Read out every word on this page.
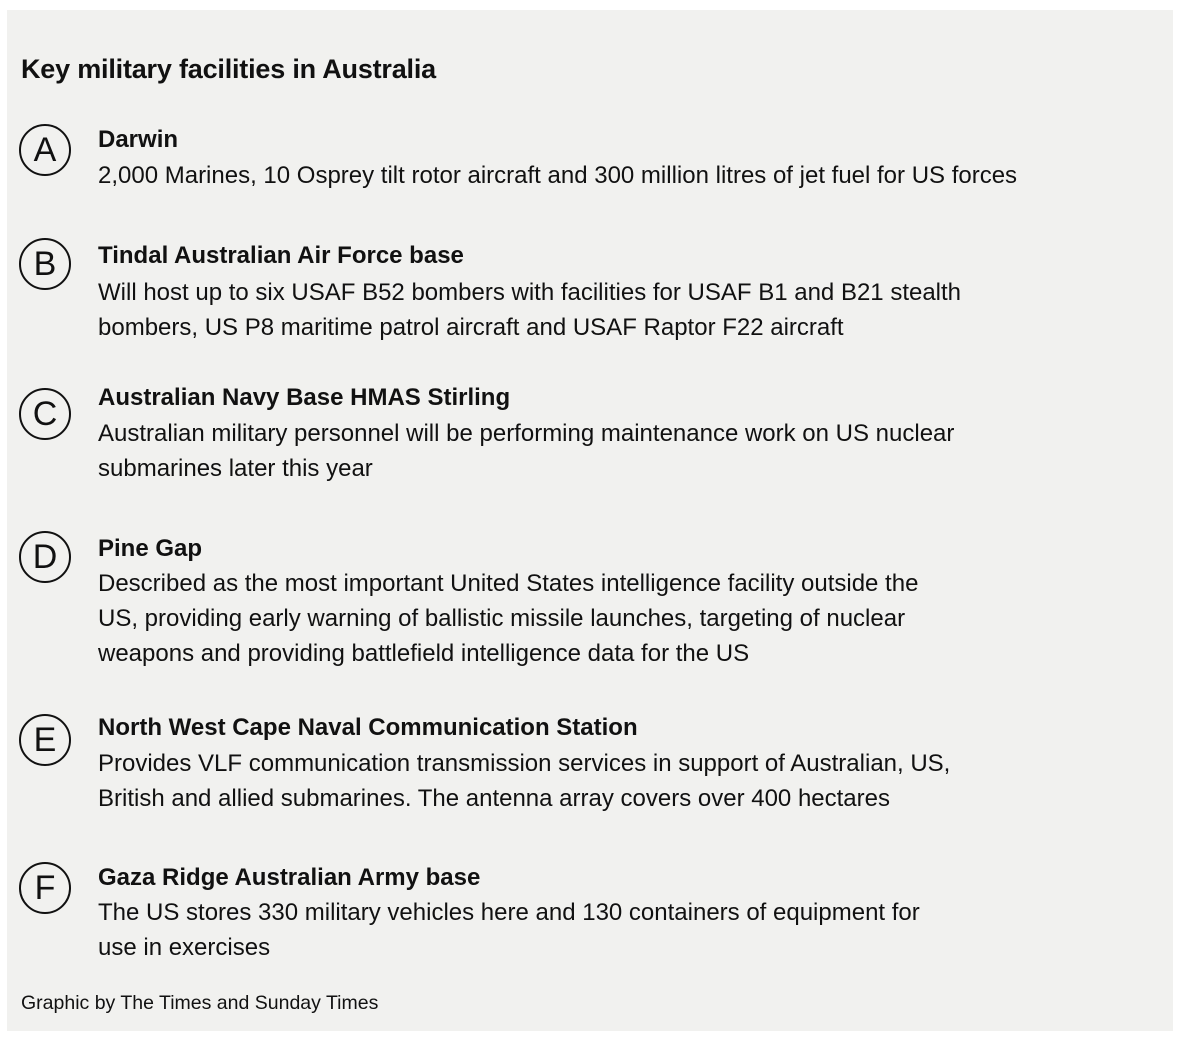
Key military facilities in Australia
A	Darwin
2,000 Marines, 10 Osprey tilt rotor aircraft and 300 million litres of jet fuel for US forces
B	Tindal Australian Air Force base
Will host up to six USAF B52 bombers with facilities for USAF B1 and B21 stealth
bombers, US P8 maritime patrol aircraft and USAF Raptor F22 aircraft
C	Australian Navy Base HMAS Stirling
Australian military personnel will be performing maintenance work on US nuclear
submarines later this year
D	Pine Gap
Described as the most important United States intelligence facility outside the
US, providing early warning of ballistic missile launches, targeting of nuclear
weapons and providing battlefield intelligence data for the US
E	North West Cape Naval Communication Station
Provides VLF communication transmission services in support of Australian, US,
British and allied submarines. The antenna array covers over 400 hectares
F	Gaza Ridge Australian Army base
The US stores 330 military vehicles here and 130 containers of equipment for
use in exercises
Graphic by The Times and Sunday Times
